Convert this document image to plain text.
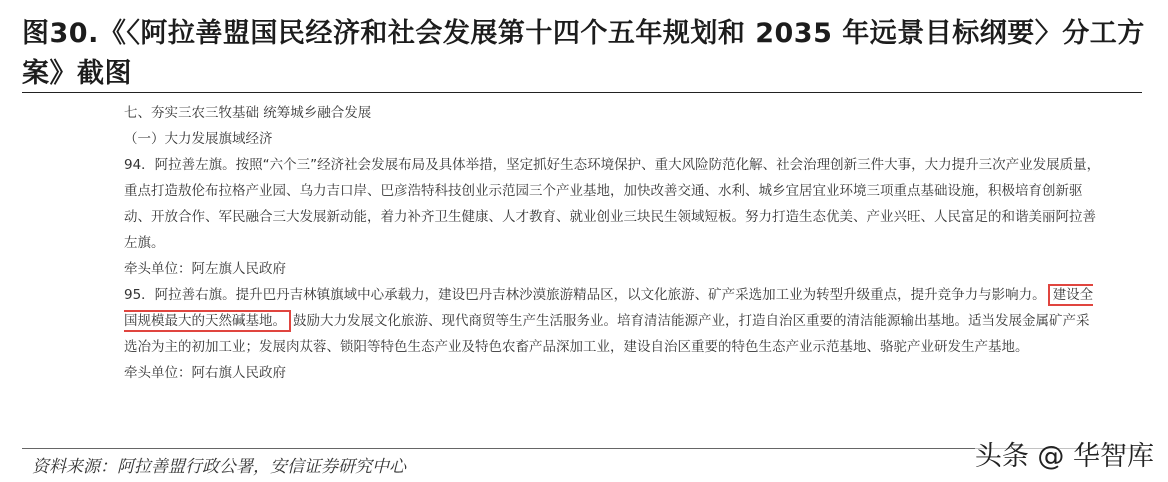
图30.《〈阿拉善盟国民经济和社会发展第十四个五年规划和 2035 年远景目标纲要〉分工方案》截图

七、夯实三农三牧基础 统筹城乡融合发展

（一）大力发展旗域经济

94．阿拉善左旗。按照“六个三”经济社会发展布局及具体举措，坚定抓好生态环境保护、重大风险防范化解、社会治理创新三件大事，大力提升三次产业发展质量，重点打造敖伦布拉格产业园、乌力吉口岸、巴彦浩特科技创业示范园三个产业基地，加快改善交通、水利、城乡宜居宜业环境三项重点基础设施，积极培育创新驱动、开放合作、军民融合三大发展新动能，着力补齐卫生健康、人才教育、就业创业三块民生领域短板。努力打造生态优美、产业兴旺、人民富足的和谐美丽阿拉善左旗。

牵头单位：阿左旗人民政府

95．阿拉善右旗。提升巴丹吉林镇旗域中心承载力，建设巴丹吉林沙漠旅游精品区，以文化旅游、矿产采选加工业为转型升级重点，提升竞争力与影响力。 建设全国规模最大的天然碱基地。 鼓励大力发展文化旅游、现代商贸等生产生活服务业。培育清洁能源产业，打造自治区重要的清洁能源输出基地。适当发展金属矿产采选冶为主的初加工业；发展肉苁蓉、锁阳等特色生态产业及特色农畜产品深加工业，建设自治区重要的特色生态产业示范基地、骆驼产业研发生产基地。

牵头单位：阿右旗人民政府

资料来源：阿拉善盟行政公署，安信证券研究中心	头条 @ 华智库
